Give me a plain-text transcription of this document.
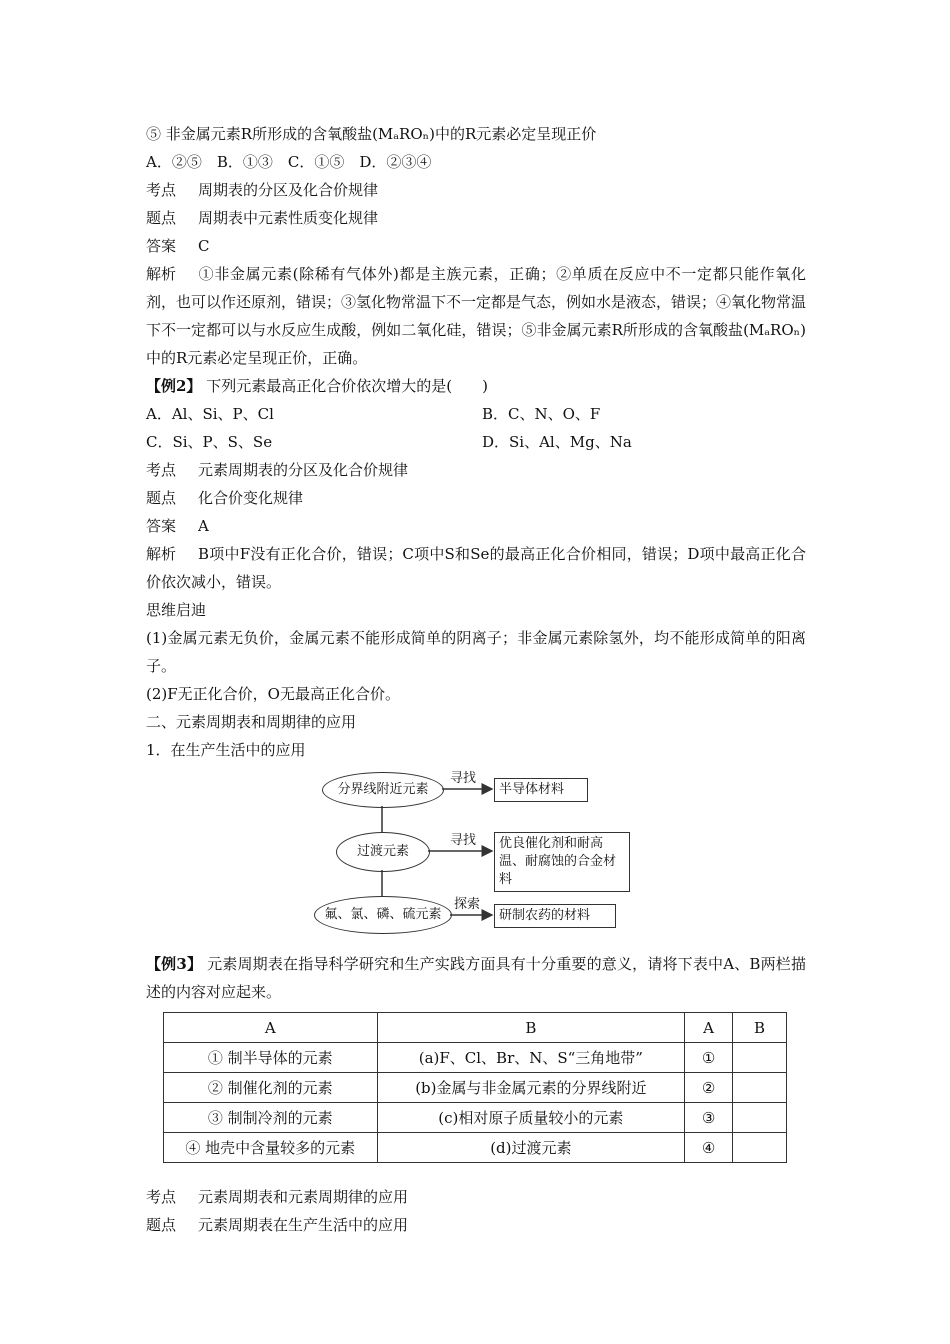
⑤ 非金属元素R所形成的含氧酸盐(MₐROₙ)中的R元素必定呈现正价
A．②⑤　B．①③　C．①⑤　D．②③④
考点 周期表的分区及化合价规律
题点 周期表中元素性质变化规律
答案 C
解析 ①非金属元素(除稀有气体外)都是主族元素，正确；②单质在反应中不一定都只能作氧化剂，也可以作还原剂，错误；③氢化物常温下不一定都是气态，例如水是液态，错误；④氧化物常温下不一定都可以与水反应生成酸，例如二氧化硅，错误；⑤非金属元素R所形成的含氧酸盐(MₐROₙ)中的R元素必定呈现正价，正确。
【例2】 下列元素最高正化合价依次增大的是(　　)
A．Al、Si、P、Cl	B．C、N、O、F
C．Si、P、S、Se	D．Si、Al、Mg、Na
考点 元素周期表的分区及化合价规律
题点 化合价变化规律
答案 A
解析 B项中F没有正化合价，错误；C项中S和Se的最高正化合价相同，错误；D项中最高正化合价依次减小，错误。
思维启迪
(1)金属元素无负价，金属元素不能形成简单的阴离子；非金属元素除氢外，均不能形成简单的阳离子。
(2)F无正化合价，O无最高正化合价。
二、元素周期表和周期律的应用
1．在生产生活中的应用
分界线附近元素
过渡元素
氟、氯、磷、硫元素
寻找
寻找
探索
半导体材料
优良催化剂和耐高温、耐腐蚀的合金材料
研制农药的材料
【例3】 元素周期表在指导科学研究和生产实践方面具有十分重要的意义，请将下表中A、B两栏描述的内容对应起来。
A	B	A	B
① 制半导体的元素	(a)F、Cl、Br、N、S“三角地带”	①	
② 制催化剂的元素	(b)金属与非金属元素的分界线附近	②	
③ 制制冷剂的元素	(c)相对原子质量较小的元素	③	
④ 地壳中含量较多的元素	(d)过渡元素	④	
考点 元素周期表和元素周期律的应用
题点 元素周期表在生产生活中的应用
